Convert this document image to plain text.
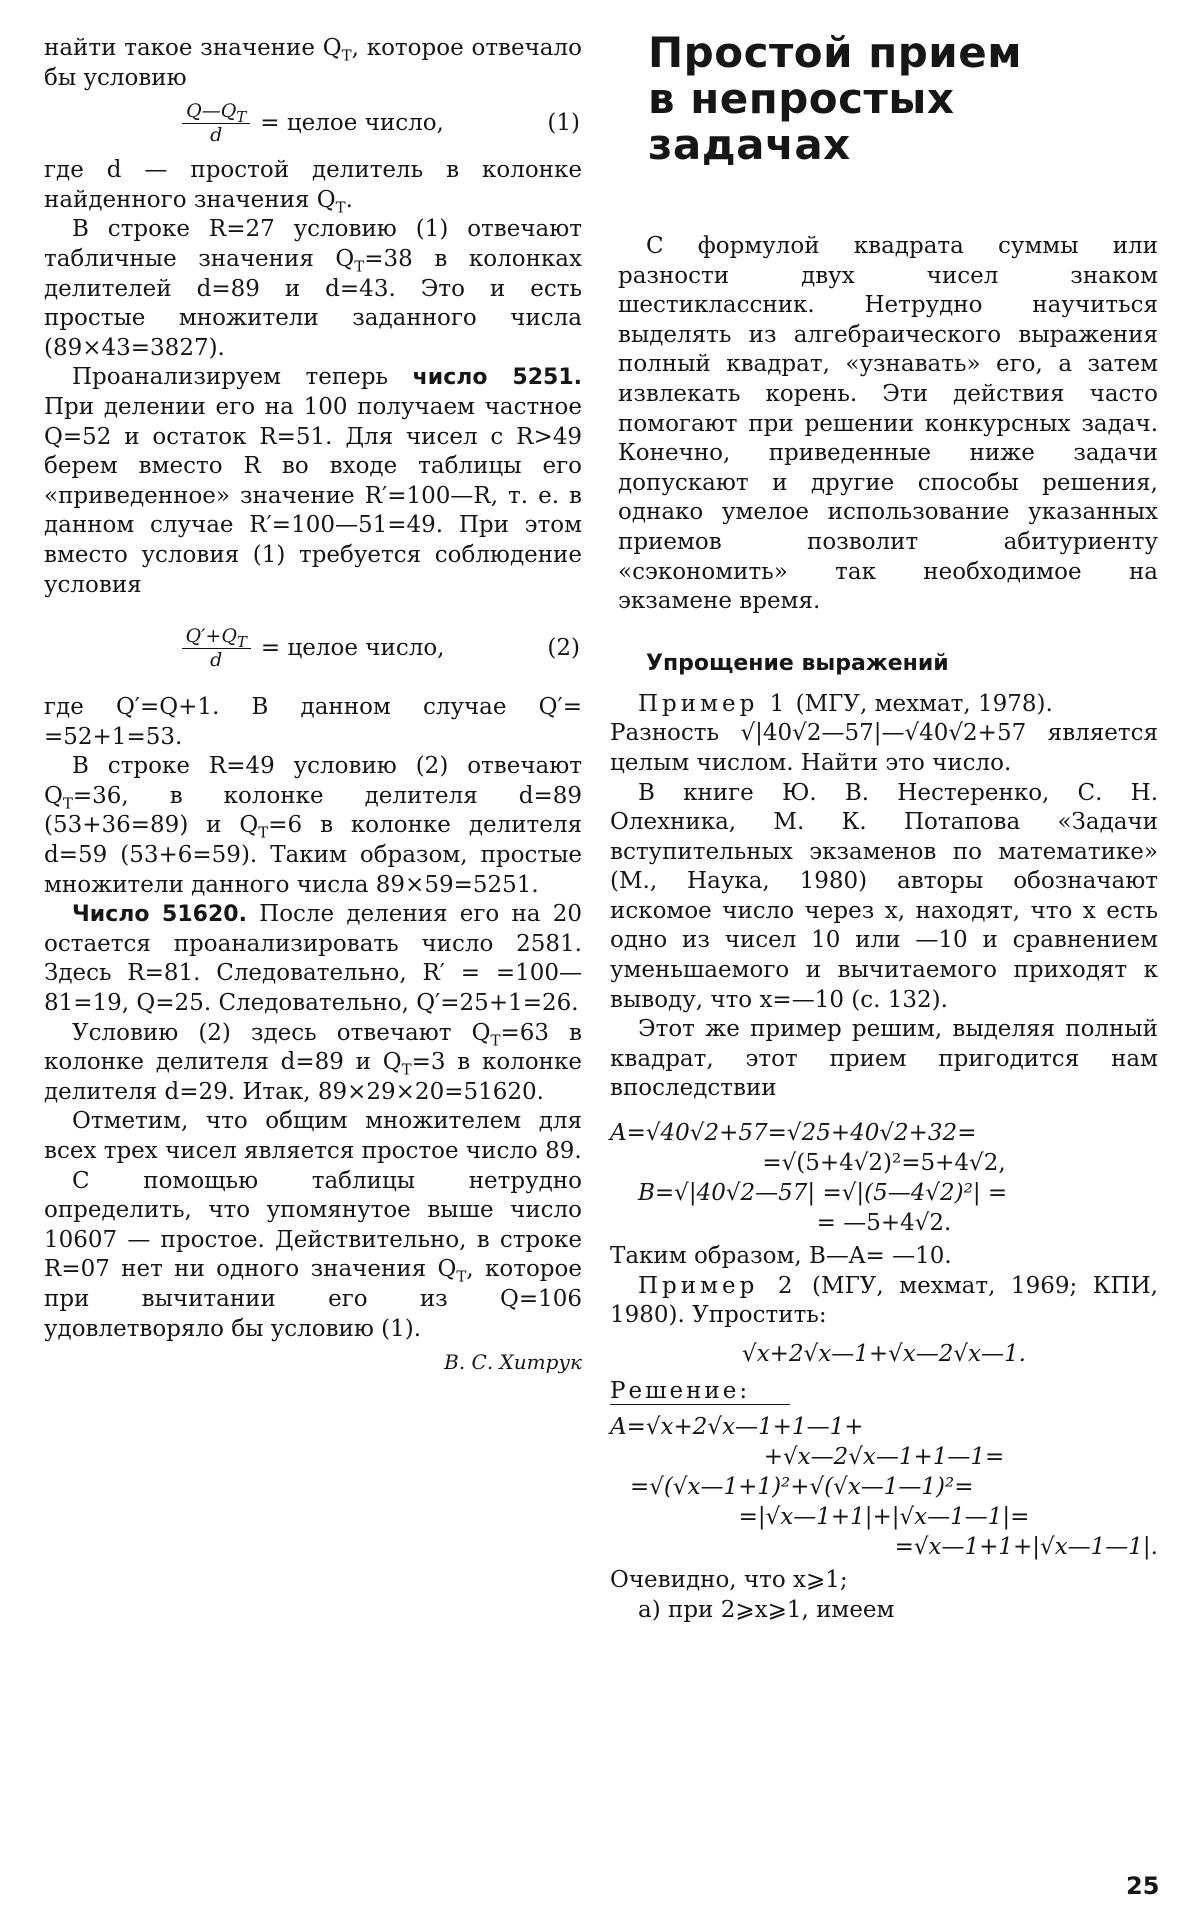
найти такое значение $Q_T$, которое отвечало бы условию

$\frac{Q—Q_T}{d}$ = целое число,	(1)

где d — простой делитель в колонке найденного значения $Q_T$.

В строке R=27 условию (1) отвечают табличные значения $Q_T=38$ в колонках делителей d=89 и d=43. Это и есть простые множители заданного числа (89×43=3827).

Проанализируем теперь число 5251. При делении его на 100 получаем частное Q=52 и остаток R=51. Для чисел с R>49 берем вместо R во входе таблицы его «приведенное» значение R′=100—R, т. е. в данном случае R′=100—51=49. При этом вместо условия (1) требуется соблюдение условия

$\frac{Q'+Q_T}{d}$ = целое число,	(2)

где Q′=Q+1. В данном случае Q′= =52+1=53.

В строке R=49 условию (2) отвечают $Q_T=36$, в колонке делителя d=89 (53+36=89) и $Q_T=6$ в колонке делителя d=59 (53+6=59). Таким образом, простые множители данного числа 89×59=5251.

Число 51620. После деления его на 20 остается проанализировать число 2581. Здесь R=81. Следовательно, R′ = =100—81=19, Q=25. Следовательно, Q′=25+1=26.

Условию (2) здесь отвечают $Q_T=63$ в колонке делителя d=89 и $Q_T=3$ в колонке делителя d=29. Итак, 89×29×20=51620.

Отметим, что общим множителем для всех трех чисел является простое число 89.

С помощью таблицы нетрудно определить, что упомянутое выше число 10607 — простое. Действительно, в строке R=07 нет ни одного значения $Q_T$, которое при вычитании его из Q=106 удовлетворяло бы условию (1).

В. С. Хитрук
Простой прием
в непростых
задачах

С формулой квадрата суммы или разности двух чисел знаком шестиклассник. Нетрудно научиться выделять из алгебраического выражения полный квадрат, «узнавать» его, а затем извлекать корень. Эти действия часто помогают при решении конкурсных задач. Конечно, приведенные ниже задачи допускают и другие способы решения, однако умелое использование указанных приемов позволит абитуриенту «сэкономить» так необходимое на экзамене время.

Упрощение выражений

Пример 1 (МГУ, мехмат, 1978).

Разность √|40√2—57|—√40√2+57 является целым числом. Найти это число.

В книге Ю. В. Нестеренко, С. Н. Олехника, М. К. Потапова «Задачи вступительных экзаменов по математике» (М., Наука, 1980) авторы обозначают искомое число через x, находят, что x есть одно из чисел 10 или —10 и сравнением уменьшаемого и вычитаемого приходят к выводу, что x=—10 (с. 132).

Этот же пример решим, выделяя полный квадрат, этот прием пригодится нам впоследствии

A=√40√2+57=√25+40√2+32=

=√(5+4√2)²=5+4√2,

B=√|40√2—57| =√|(5—4√2)²| =

= —5+4√2.

Таким образом, B—A= —10.

Пример 2 (МГУ, мехмат, 1969; КПИ, 1980). Упростить:

√x+2√x—1+√x—2√x—1.

Решение:

A=√x+2√x—1+1—1+

+√x—2√x—1+1—1=

=√(√x—1+1)²+√(√x—1—1)²=

=|√x—1+1|+|√x—1—1|=

=√x—1+1+|√x—1—1|.

Очевидно, что x⩾1;

а) при 2⩾x⩾1, имеем

25
